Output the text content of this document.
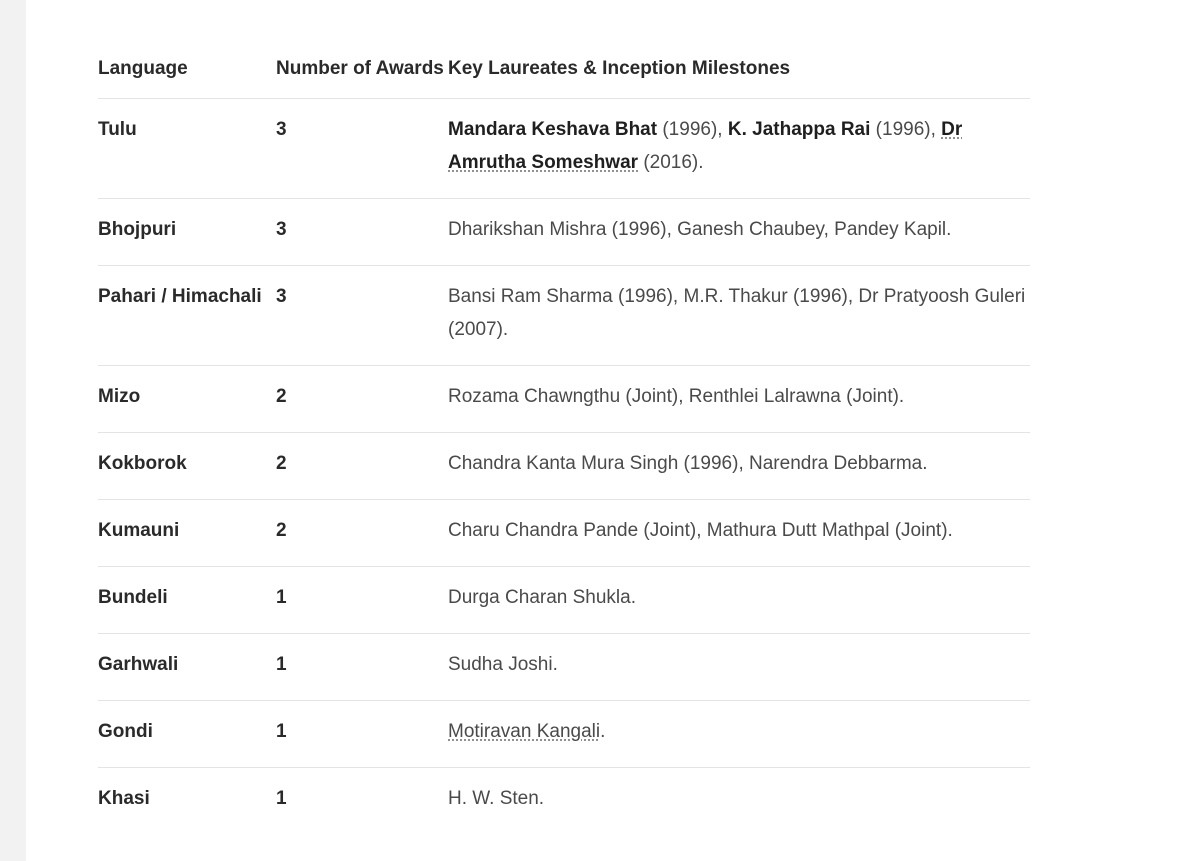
Language	Number of Awards	Key Laureates & Inception Milestones
Tulu	3	Mandara Keshava Bhat (1996), K. Jathappa Rai (1996), Dr Amrutha Someshwar (2016).
Bhojpuri	3	Dharikshan Mishra (1996), Ganesh Chaubey, Pandey Kapil.
Pahari / Himachali	3	Bansi Ram Sharma (1996), M.R. Thakur (1996), Dr Pratyoosh Guleri (2007).
Mizo	2	Rozama Chawngthu (Joint), Renthlei Lalrawna (Joint).
Kokborok	2	Chandra Kanta Mura Singh (1996), Narendra Debbarma.
Kumauni	2	Charu Chandra Pande (Joint), Mathura Dutt Mathpal (Joint).
Bundeli	1	Durga Charan Shukla.
Garhwali	1	Sudha Joshi.
Gondi	1	Motiravan Kangali.
Khasi	1	H. W. Sten.
